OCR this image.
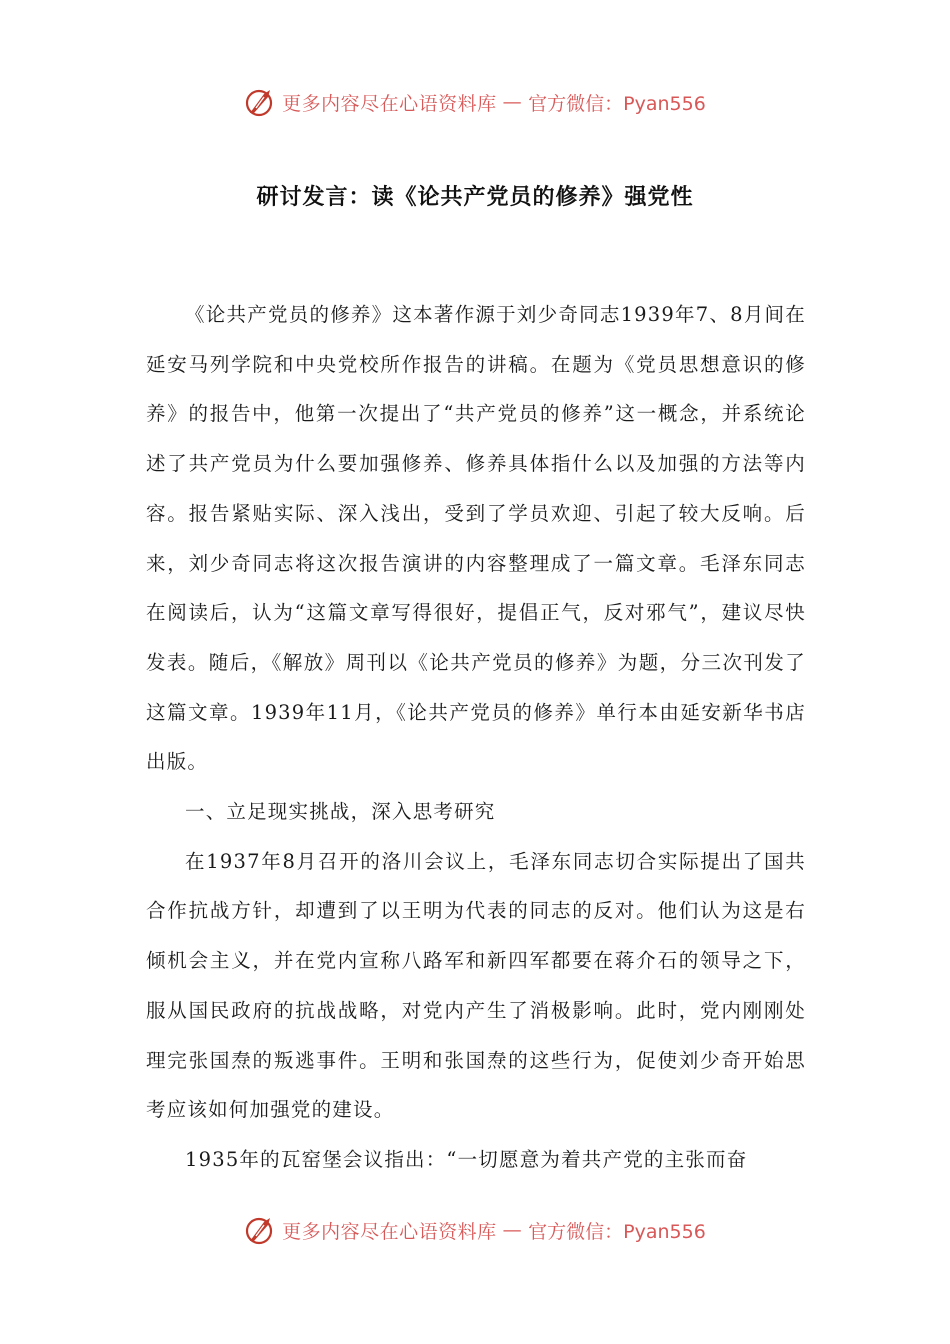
更多内容尽在心语资料库 — 官方微信：Pyan556
研讨发言：读《论共产党员的修养》强党性

《论共产党员的修养》这本著作源于刘少奇同志1939年7、8月间在延安马列学院和中央党校所作报告的讲稿。在题为《党员思想意识的修养》的报告中，他第一次提出了“共产党员的修养”这一概念，并系统论述了共产党员为什么要加强修养、修养具体指什么以及加强的方法等内容。报告紧贴实际、深入浅出，受到了学员欢迎、引起了较大反响。后来，刘少奇同志将这次报告演讲的内容整理成了一篇文章。毛泽东同志在阅读后，认为“这篇文章写得很好，提倡正气，反对邪气”，建议尽快发表。随后，《解放》周刊以《论共产党员的修养》为题，分三次刊发了这篇文章。1939年11月，《论共产党员的修养》单行本由延安新华书店出版。

一、立足现实挑战，深入思考研究

在1937年8月召开的洛川会议上，毛泽东同志切合实际提出了国共合作抗战方针，却遭到了以王明为代表的同志的反对。他们认为这是右倾机会主义，并在党内宣称八路军和新四军都要在蒋介石的领导之下，服从国民政府的抗战战略，对党内产生了消极影响。此时，党内刚刚处理完张国焘的叛逃事件。王明和张国焘的这些行为，促使刘少奇开始思考应该如何加强党的建设。

1935年的瓦窑堡会议指出：“一切愿意为着共产党的主张而奋

更多内容尽在心语资料库 — 官方微信：Pyan556
